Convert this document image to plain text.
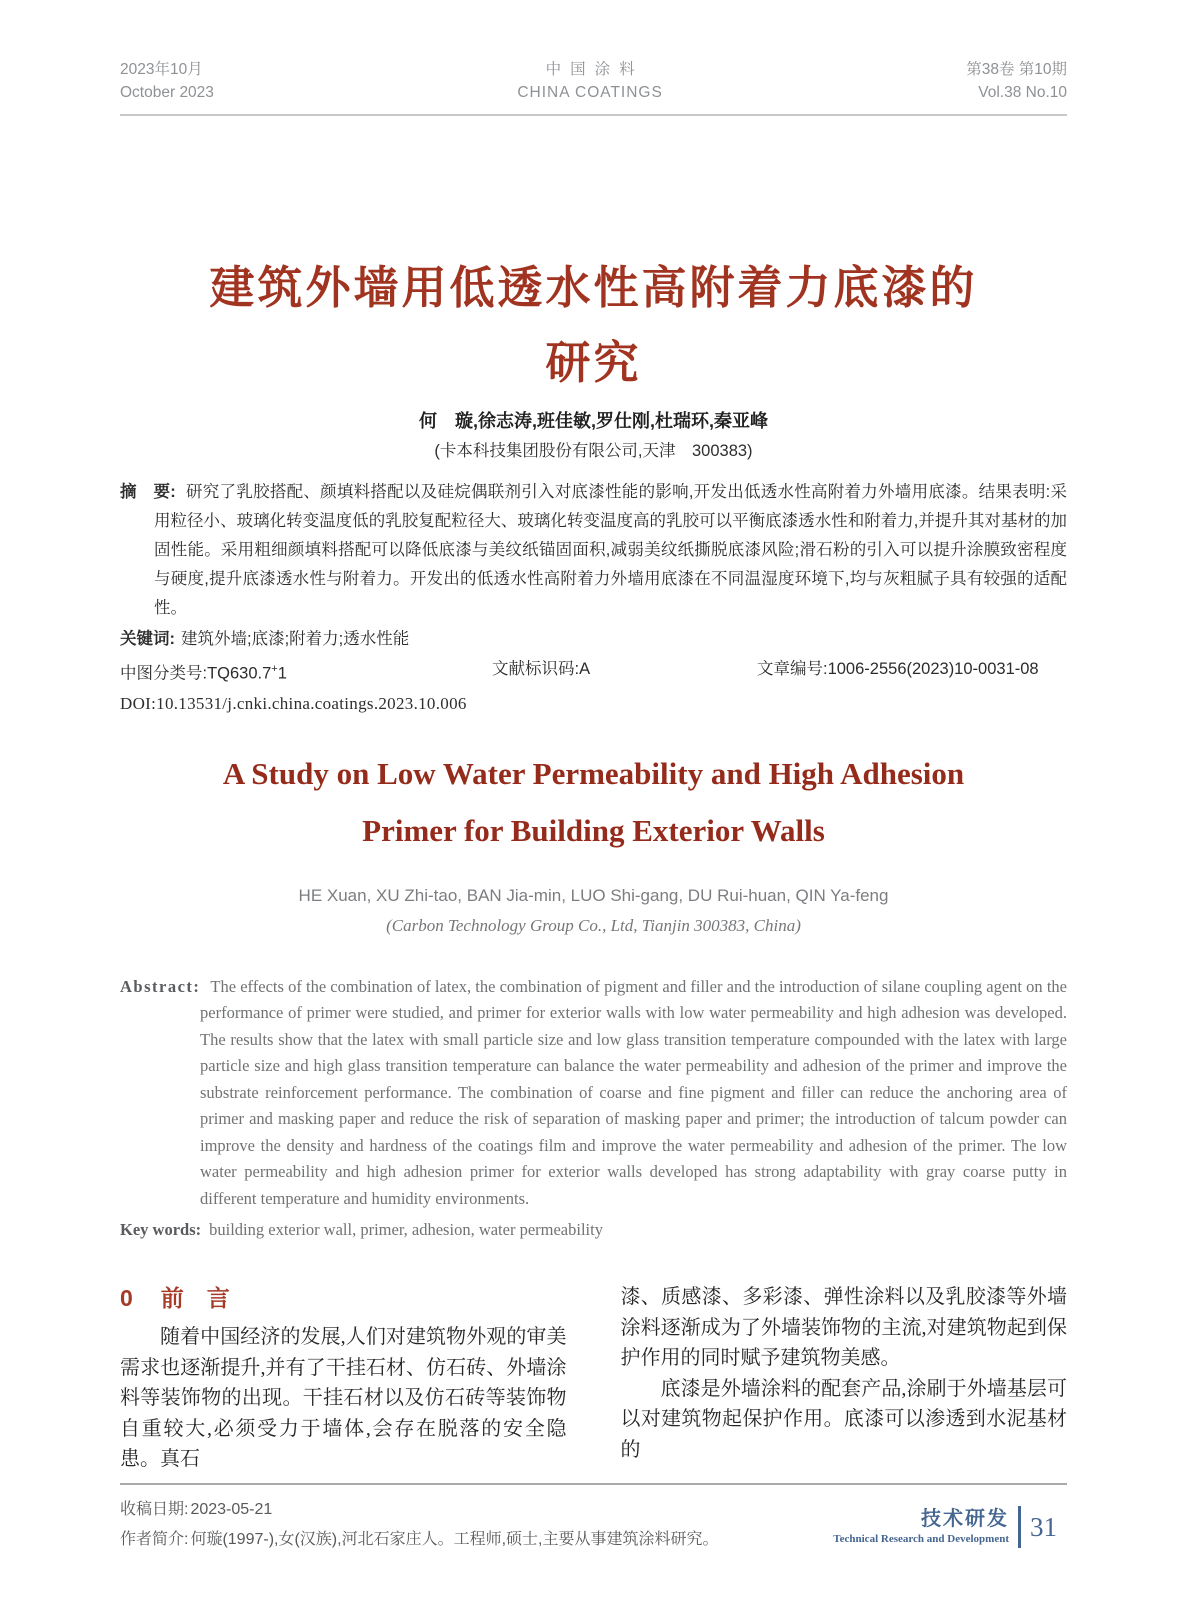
2023年10月
October 2023
中国涂料
CHINA COATINGS
第38卷 第10期
Vol.38 No.10
建筑外墙用低透水性高附着力底漆的
研究
何　璇,徐志涛,班佳敏,罗仕刚,杜瑞环,秦亚峰
(卡本科技集团股份有限公司,天津　300383)

摘　要: 研究了乳胶搭配、颜填料搭配以及硅烷偶联剂引入对底漆性能的影响,开发出低透水性高附着力外墙用底漆。结果表明:采用粒径小、玻璃化转变温度低的乳胶复配粒径大、玻璃化转变温度高的乳胶可以平衡底漆透水性和附着力,并提升其对基材的加固性能。采用粗细颜填料搭配可以降低底漆与美纹纸锚固面积,减弱美纹纸撕脱底漆风险;滑石粉的引入可以提升涂膜致密程度与硬度,提升底漆透水性与附着力。开发出的低透水性高附着力外墙用底漆在不同温湿度环境下,均与灰粗腻子具有较强的适配性。

关键词: 建筑外墙;底漆;附着力;透水性能

中图分类号:TQ630.7+1	文献标识码:A	文章编号:1006-2556(2023)10-0031-08
DOI:10.13531/j.cnki.china.coatings.2023.10.006
A Study on Low Water Permeability and High Adhesion
Primer for Building Exterior Walls
HE Xuan, XU Zhi-tao, BAN Jia-min, LUO Shi-gang, DU Rui-huan, QIN Ya-feng
(Carbon Technology Group Co., Ltd, Tianjin 300383, China)

Abstract: The effects of the combination of latex, the combination of pigment and filler and the introduction of silane coupling agent on the performance of primer were studied, and primer for exterior walls with low water permeability and high adhesion was developed. The results show that the latex with small particle size and low glass transition temperature compounded with the latex with large particle size and high glass transition temperature can balance the water permeability and adhesion of the primer and improve the substrate reinforcement performance. The combination of coarse and fine pigment and filler can reduce the anchoring area of primer and masking paper and reduce the risk of separation of masking paper and primer; the introduction of talcum powder can improve the density and hardness of the coatings film and improve the water permeability and adhesion of the primer. The low water permeability and high adhesion primer for exterior walls developed has strong adaptability with gray coarse putty in different temperature and humidity environments.

Key words: building exterior wall, primer, adhesion, water permeability

0 前　言

随着中国经济的发展,人们对建筑物外观的审美需求也逐渐提升,并有了干挂石材、仿石砖、外墙涂料等装饰物的出现。干挂石材以及仿石砖等装饰物自重较大,必须受力于墙体,会存在脱落的安全隐患。真石

漆、质感漆、多彩漆、弹性涂料以及乳胶漆等外墙涂料逐渐成为了外墙装饰物的主流,对建筑物起到保护作用的同时赋予建筑物美感。

底漆是外墙涂料的配套产品,涂刷于外墙基层可以对建筑物起保护作用。底漆可以渗透到水泥基材的

收稿日期: 2023-05-21
作者简介: 何璇(1997-),女(汉族),河北石家庄人。工程师,硕士,主要从事建筑涂料研究。
技术研发
Technical Research and Development 31
